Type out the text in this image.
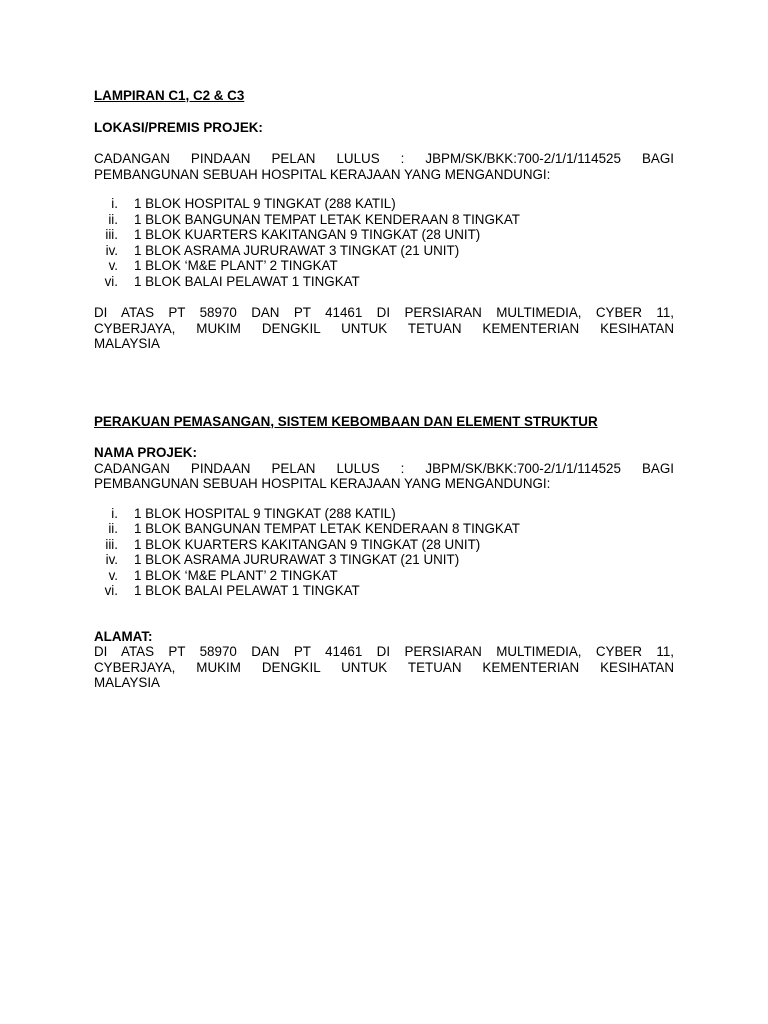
LAMPIRAN C1, C2 & C3

LOKASI/PREMIS PROJEK:

CADANGAN PINDAAN PELAN LULUS : JBPM/SK/BKK:700-2/1/1/114525 BAGI
PEMBANGUNAN SEBUAH HOSPITAL KERAJAAN YANG MENGANDUNGI:

i.	1 BLOK HOSPITAL 9 TINGKAT (288 KATIL)
ii.	1 BLOK BANGUNAN TEMPAT LETAK KENDERAAN 8 TINGKAT
iii.	1 BLOK KUARTERS KAKITANGAN 9 TINGKAT (28 UNIT)
iv.	1 BLOK ASRAMA JURURAWAT 3 TINGKAT (21 UNIT)
v.	1 BLOK ‘M&E PLANT’ 2 TINGKAT
vi.	1 BLOK BALAI PELAWAT 1 TINGKAT

DI ATAS PT 58970 DAN PT 41461 DI PERSIARAN MULTIMEDIA, CYBER 11,
CYBERJAYA, MUKIM DENGKIL UNTUK TETUAN KEMENTERIAN KESIHATAN
MALAYSIA

PERAKUAN PEMASANGAN, SISTEM KEBOMBAAN DAN ELEMENT STRUKTUR

NAMA PROJEK:

CADANGAN PINDAAN PELAN LULUS : JBPM/SK/BKK:700-2/1/1/114525 BAGI
PEMBANGUNAN SEBUAH HOSPITAL KERAJAAN YANG MENGANDUNGI:

i.	1 BLOK HOSPITAL 9 TINGKAT (288 KATIL)
ii.	1 BLOK BANGUNAN TEMPAT LETAK KENDERAAN 8 TINGKAT
iii.	1 BLOK KUARTERS KAKITANGAN 9 TINGKAT (28 UNIT)
iv.	1 BLOK ASRAMA JURURAWAT 3 TINGKAT (21 UNIT)
v.	1 BLOK ‘M&E PLANT’ 2 TINGKAT
vi.	1 BLOK BALAI PELAWAT 1 TINGKAT

ALAMAT:

DI ATAS PT 58970 DAN PT 41461 DI PERSIARAN MULTIMEDIA, CYBER 11,
CYBERJAYA, MUKIM DENGKIL UNTUK TETUAN KEMENTERIAN KESIHATAN
MALAYSIA
